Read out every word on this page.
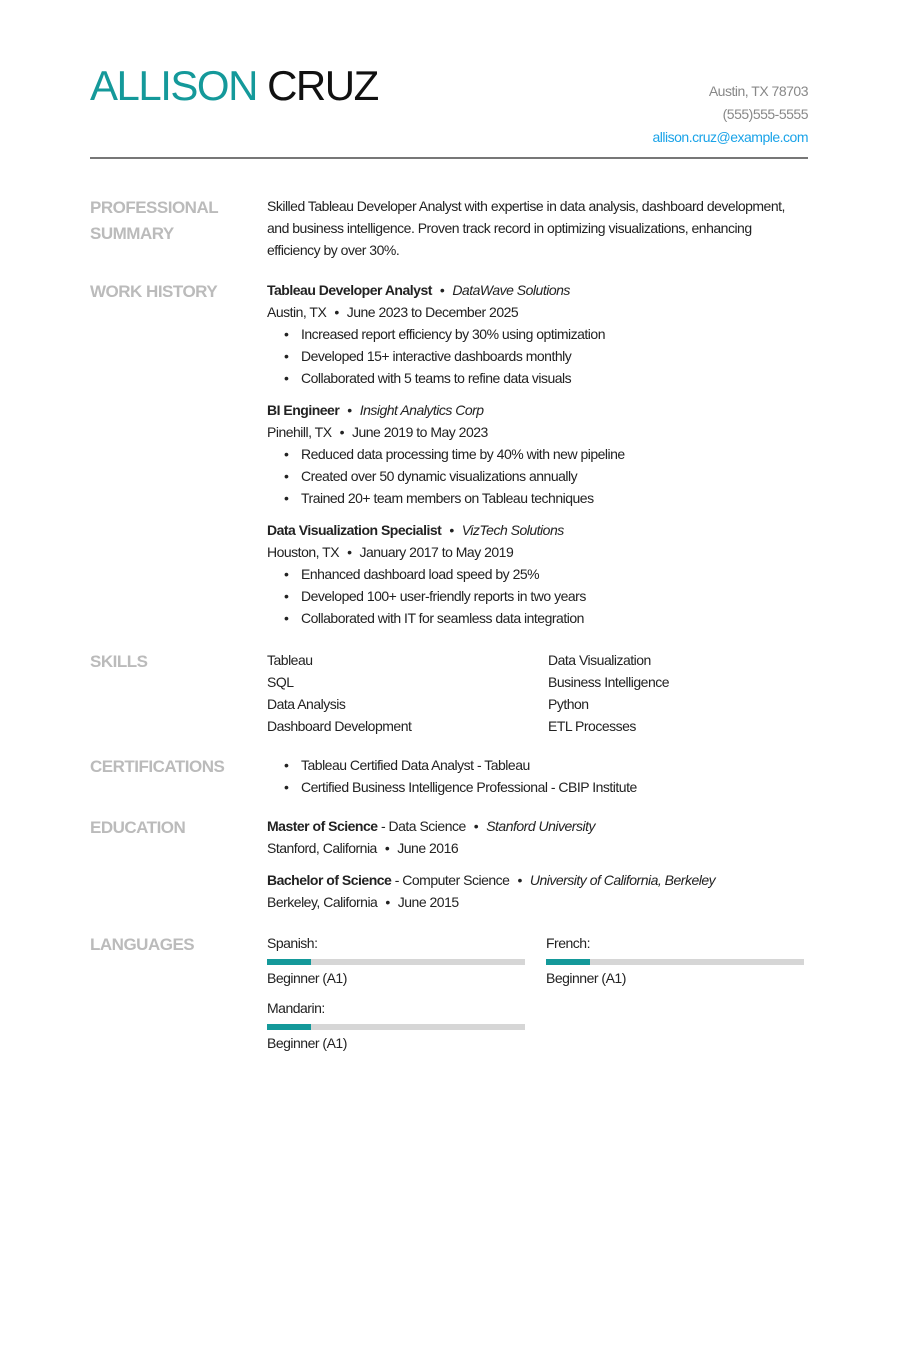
ALLISON CRUZ	Austin, TX 78703
(555)555-5555
allison.cruz@example.com
PROFESSIONAL
SUMMARY
Skilled Tableau Developer Analyst with expertise in data analysis, dashboard development, and business intelligence. Proven track record in optimizing visualizations, enhancing efficiency by over 30%.
WORK HISTORY	Tableau Developer Analyst • DataWave Solutions
Austin, TX • June 2023 to December 2025
• Increased report efficiency by 30% using optimization
• Developed 15+ interactive dashboards monthly
• Collaborated with 5 teams to refine data visuals
BI Engineer • Insight Analytics Corp
Pinehill, TX • June 2019 to May 2023
• Reduced data processing time by 40% with new pipeline
• Created over 50 dynamic visualizations annually
• Trained 20+ team members on Tableau techniques
Data Visualization Specialist • VizTech Solutions
Houston, TX • January 2017 to May 2019
• Enhanced dashboard load speed by 25%
• Developed 100+ user-friendly reports in two years
• Collaborated with IT for seamless data integration
SKILLS	Tableau	Data Visualization
SQL	Business Intelligence
Data Analysis	Python
Dashboard Development	ETL Processes
CERTIFICATIONS	• Tableau Certified Data Analyst - Tableau
• Certified Business Intelligence Professional - CBIP Institute
EDUCATION	Master of Science - Data Science • Stanford University
Stanford, California • June 2016
Bachelor of Science - Computer Science • University of California, Berkeley
Berkeley, California • June 2015
LANGUAGES	Spanish:
Beginner (A1)
French:
Beginner (A1)
Mandarin:
Beginner (A1)
